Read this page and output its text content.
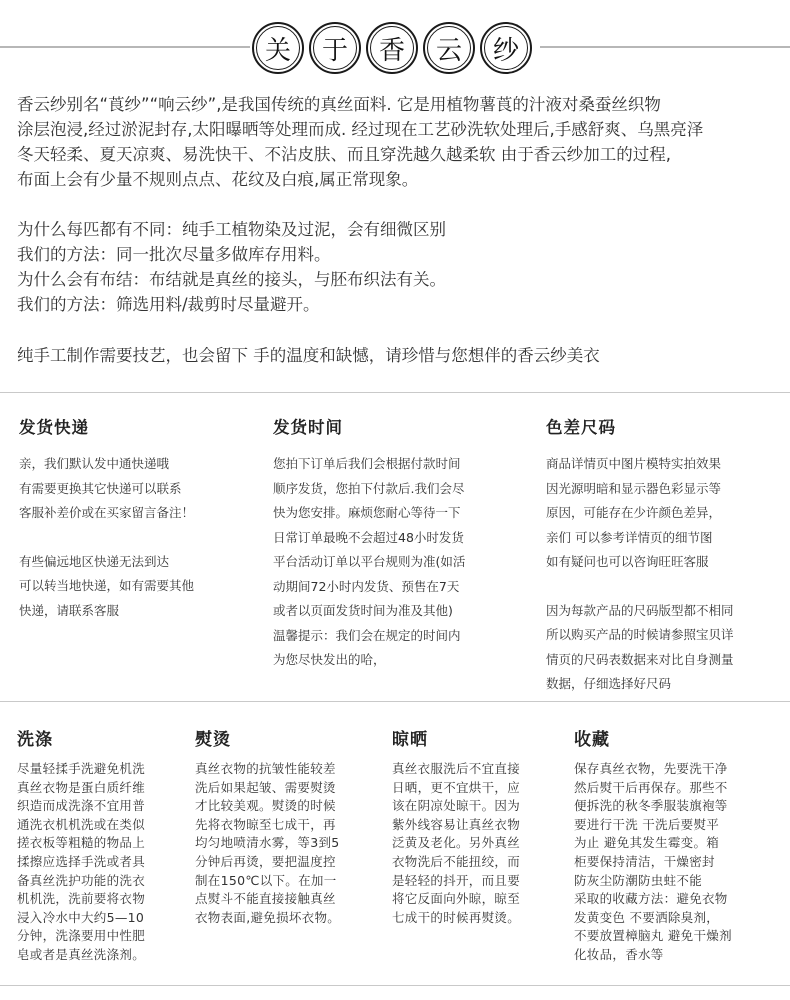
关	于	香	云	纱

香云纱别名“莨纱”“响云纱”,是我国传统的真丝面料. 它是用植物薯莨的汁液对桑蚕丝织物

涂层泡浸,经过淤泥封存,太阳曝晒等处理而成. 经过现在工艺砂洗软处理后,手感舒爽、乌黑亮泽

冬天轻柔、夏天凉爽、易洗快干、不沾皮肤、而且穿洗越久越柔软 由于香云纱加工的过程,

布面上会有少量不规则点点、花纹及白痕,属正常现象。

为什么每匹都有不同：纯手工植物染及过泥，会有细微区别

我们的方法：同一批次尽量多做库存用料。

为什么会有布结：布结就是真丝的接头，与胚布织法有关。

我们的方法：筛选用料/裁剪时尽量避开。

纯手工制作需要技艺，也会留下 手的温度和缺憾，请珍惜与您想伴的香云纱美衣
发货快递

亲，我们默认发中通快递哦

有需要更换其它快递可以联系

客服补差价或在买家留言备注！

有些偏远地区快递无法到达

可以转当地快递，如有需要其他

快递，请联系客服

发货时间

您拍下订单后我们会根据付款时间

顺序发货，您拍下付款后.我们会尽

快为您安排。麻烦您耐心等待一下

日常订单最晚不会超过48小时发货

平台活动订单以平台规则为准(如活

动期间72小时内发货、预售在7天

或者以页面发货时间为准及其他)

温馨提示：我们会在规定的时间内

为您尽快发出的哈，

色差尺码

商品详情页中图片模特实拍效果

因光源明暗和显示器色彩显示等

原因，可能存在少许颜色差异，

亲们 可以参考详情页的细节图

如有疑问也可以咨询旺旺客服

因为每款产品的尺码版型都不相同

所以购买产品的时候请参照宝贝详

情页的尺码表数据来对比自身测量

数据，仔细选择好尺码

洗涤

尽量轻揉手洗避免机洗

真丝衣物是蛋白质纤维

织造而成洗涤不宜用普

通洗衣机机洗或在类似

搓衣板等粗糙的物品上

揉擦应选择手洗或者具

备真丝洗护功能的洗衣

机机洗，洗前要将衣物

浸入冷水中大约5—10

分钟，洗涤要用中性肥

皂或者是真丝洗涤剂。

熨烫

真丝衣物的抗皱性能较差

洗后如果起皱、需要熨烫

才比较美观。熨烫的时候

先将衣物晾至七成干，再

均匀地喷清水雾，等3到5

分钟后再烫，要把温度控

制在150℃以下。在加一

点熨斗不能直接接触真丝

衣物表面,避免损坏衣物。

晾晒

真丝衣服洗后不宜直接

日晒，更不宜烘干，应

该在阴凉处晾干。因为

紫外线容易让真丝衣物

泛黄及老化。另外真丝

衣物洗后不能扭绞，而

是轻轻的抖开，而且要

将它反面向外晾，晾至

七成干的时候再熨烫。

收藏

保存真丝衣物，先要洗干净

然后熨干后再保存。那些不

便拆洗的秋冬季服装旗袍等

要进行干洗 干洗后要熨平

为止 避免其发生霉变。箱

柜要保持清洁，干燥密封

防灰尘防潮防虫蛀不能

采取的收藏方法：避免衣物

发黄变色 不要洒除臭剂，

不要放置樟脑丸 避免干燥剂

化妆品，香水等
